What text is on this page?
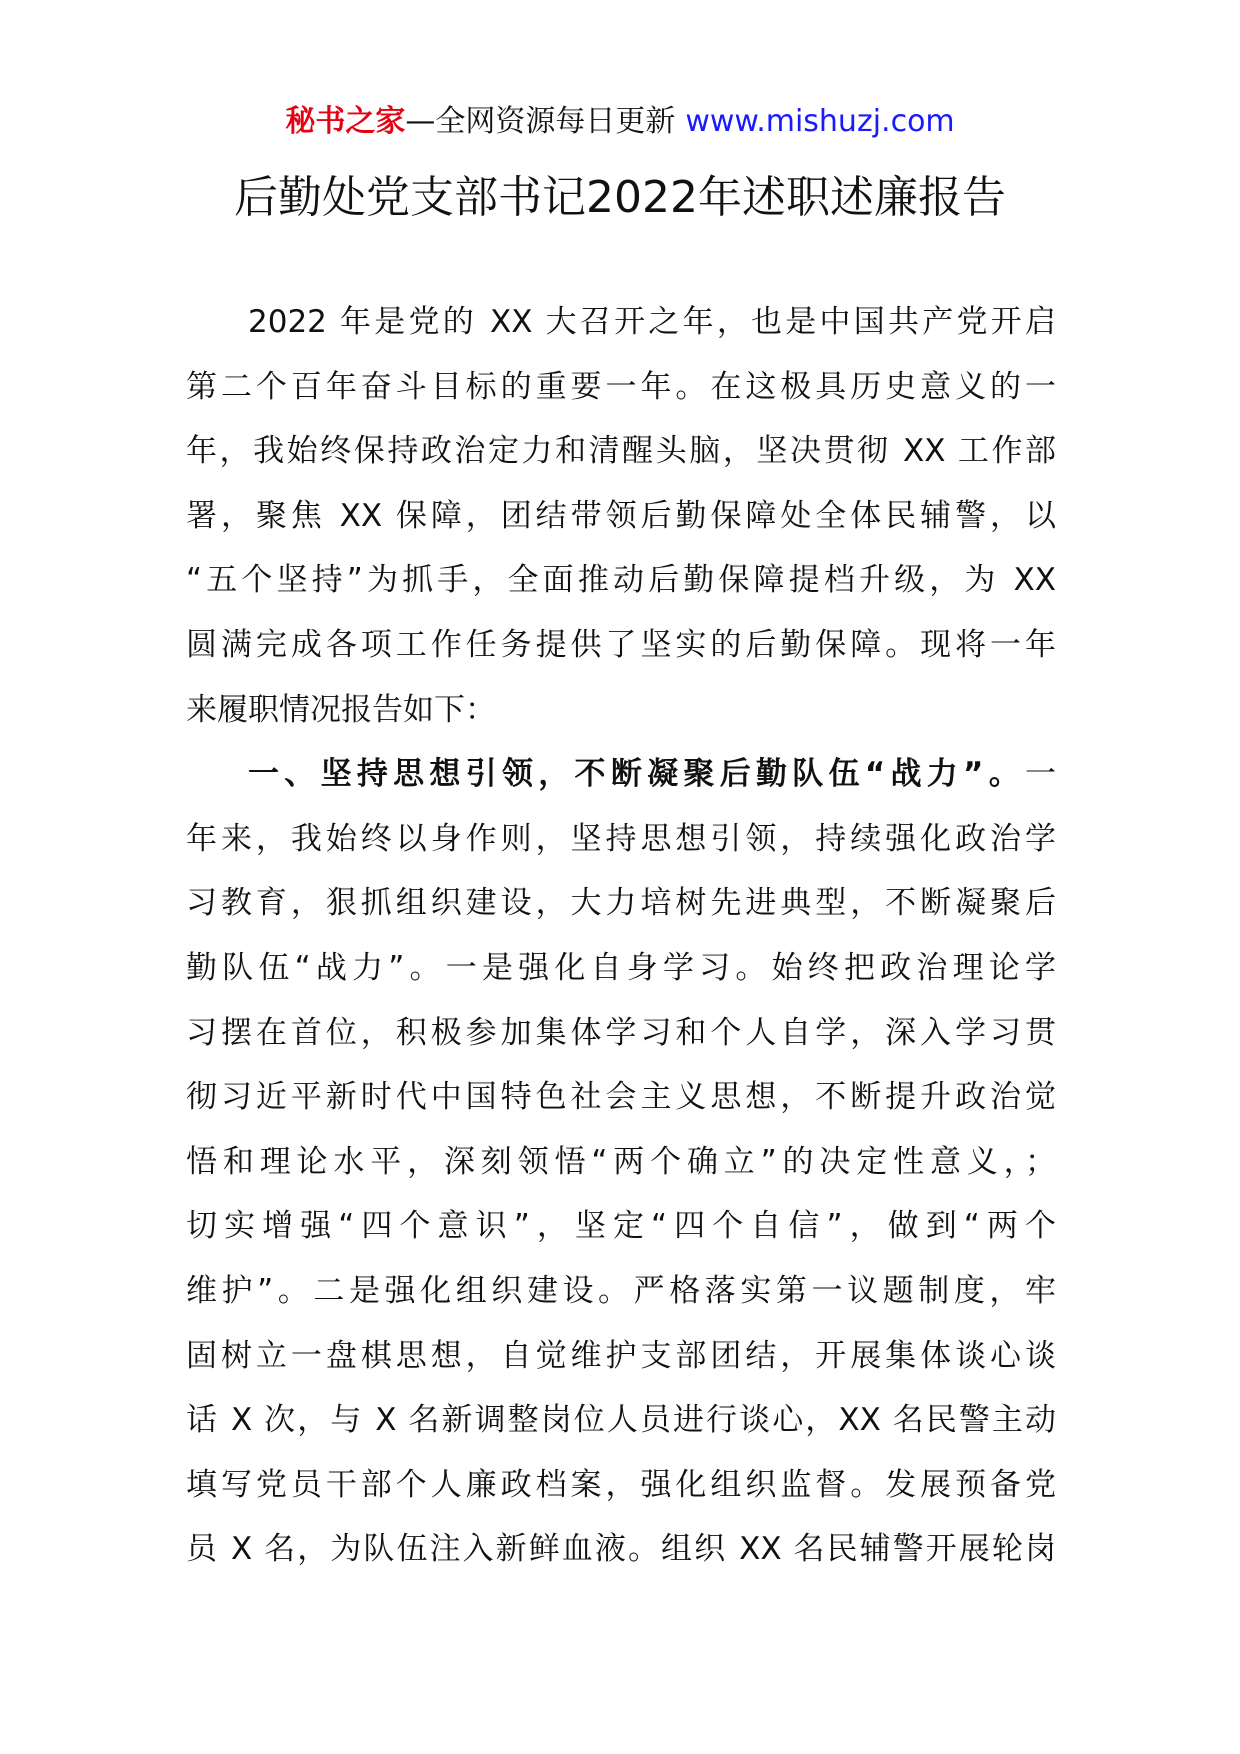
秘书之家—全网资源每日更新 www.mishuzj.com
后勤处党支部书记2022年述职述廉报告
2022 年是党的 XX 大召开之年，也是中国共产党开启
第二个百年奋斗目标的重要一年。在这极具历史意义的一
年，我始终保持政治定力和清醒头脑，坚决贯彻 XX 工作部
署，聚焦 XX 保障，团结带领后勤保障处全体民辅警，以
“五个坚持”为抓手，全面推动后勤保障提档升级，为 XX
圆满完成各项工作任务提供了坚实的后勤保障。现将一年
来履职情况报告如下：
一、坚持思想引领，不断凝聚后勤队伍“战力”。一
年来，我始终以身作则，坚持思想引领，持续强化政治学
习教育，狠抓组织建设，大力培树先进典型，不断凝聚后
勤队伍“战力”。一是强化自身学习。始终把政治理论学
习摆在首位，积极参加集体学习和个人自学，深入学习贯
彻习近平新时代中国特色社会主义思想，不断提升政治觉
悟和理论水平，深刻领悟“两个确立”的决定性意义，；
切实增强“四个意识”，坚定“四个自信”，做到“两个
维护”。二是强化组织建设。严格落实第一议题制度，牢
固树立一盘棋思想，自觉维护支部团结，开展集体谈心谈
话 X 次，与 X 名新调整岗位人员进行谈心，XX 名民警主动
填写党员干部个人廉政档案，强化组织监督。发展预备党
员 X 名，为队伍注入新鲜血液。组织 XX 名民辅警开展轮岗
